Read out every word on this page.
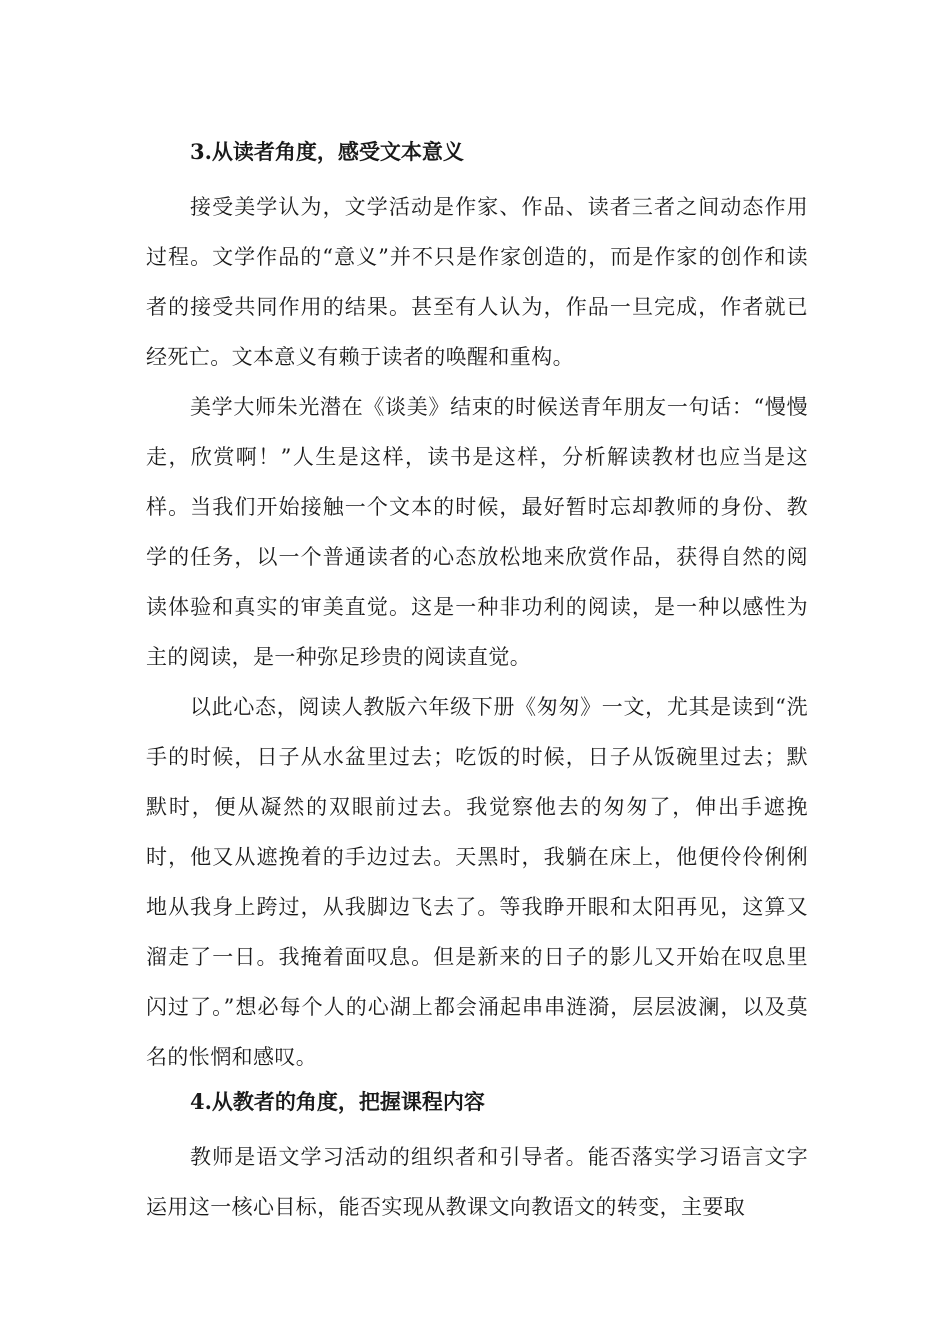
3.从读者角度，感受文本意义

接受美学认为，文学活动是作家、作品、读者三者之间动态作用过程。文学作品的“意义”并不只是作家创造的，而是作家的创作和读者的接受共同作用的结果。甚至有人认为，作品一旦完成，作者就已经死亡。文本意义有赖于读者的唤醒和重构。

美学大师朱光潜在《谈美》结束的时候送青年朋友一句话：“慢慢走，欣赏啊！”人生是这样，读书是这样，分析解读教材也应当是这样。当我们开始接触一个文本的时候，最好暂时忘却教师的身份、教学的任务，以一个普通读者的心态放松地来欣赏作品，获得自然的阅读体验和真实的审美直觉。这是一种非功利的阅读，是一种以感性为主的阅读，是一种弥足珍贵的阅读直觉。

以此心态，阅读人教版六年级下册《匆匆》一文，尤其是读到“洗手的时候，日子从水盆里过去；吃饭的时候，日子从饭碗里过去；默默时，便从凝然的双眼前过去。我觉察他去的匆匆了，伸出手遮挽时，他又从遮挽着的手边过去。天黑时，我躺在床上，他便伶伶俐俐地从我身上跨过，从我脚边飞去了。等我睁开眼和太阳再见，这算又溜走了一日。我掩着面叹息。但是新来的日子的影儿又开始在叹息里闪过了。”想必每个人的心湖上都会涌起串串涟漪，层层波澜，以及莫名的怅惘和感叹。

4.从教者的角度，把握课程内容

教师是语文学习活动的组织者和引导者。能否落实学习语言文字运用这一核心目标，能否实现从教课文向教语文的转变，主要取
